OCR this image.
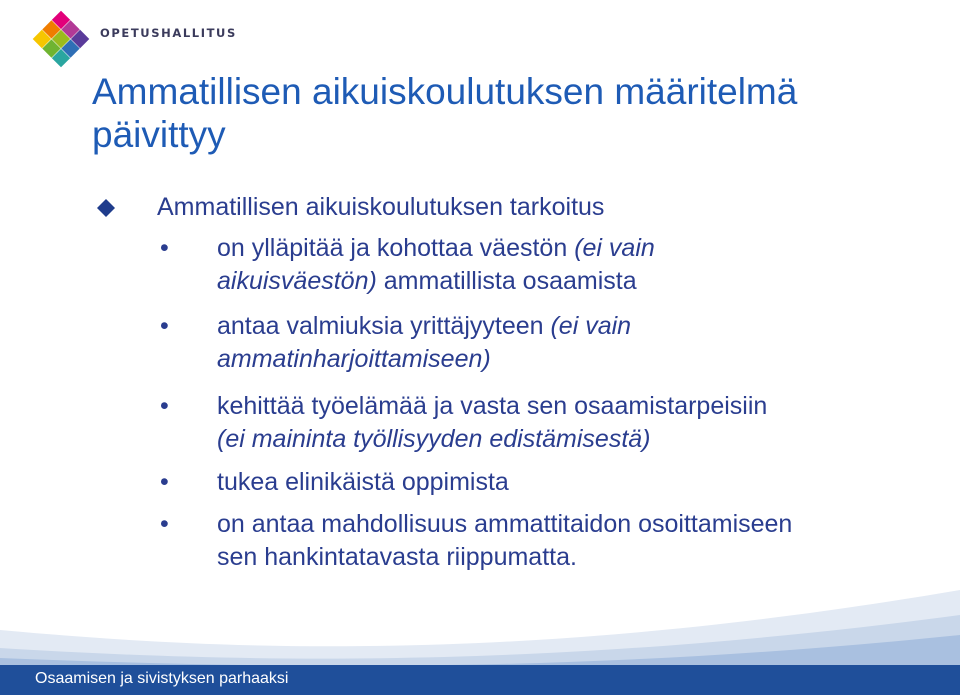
OPETUSHALLITUS
Ammatillisen aikuiskoulutuksen määritelmä päivittyy
Ammatillisen aikuiskoulutuksen tarkoitus
• on ylläpitää ja kohottaa väestön (ei vain
aikuisväestön) ammatillista osaamista
• antaa valmiuksia yrittäjyyteen (ei vain
ammatinharjoittamiseen)
• kehittää työelämää ja vasta sen osaamistarpeisiin
(ei maininta työllisyyden edistämisestä)
• tukea elinikäistä oppimista
• on antaa mahdollisuus ammattitaidon osoittamiseen
sen hankintatavasta riippumatta.
Osaamisen ja sivistyksen parhaaksi
